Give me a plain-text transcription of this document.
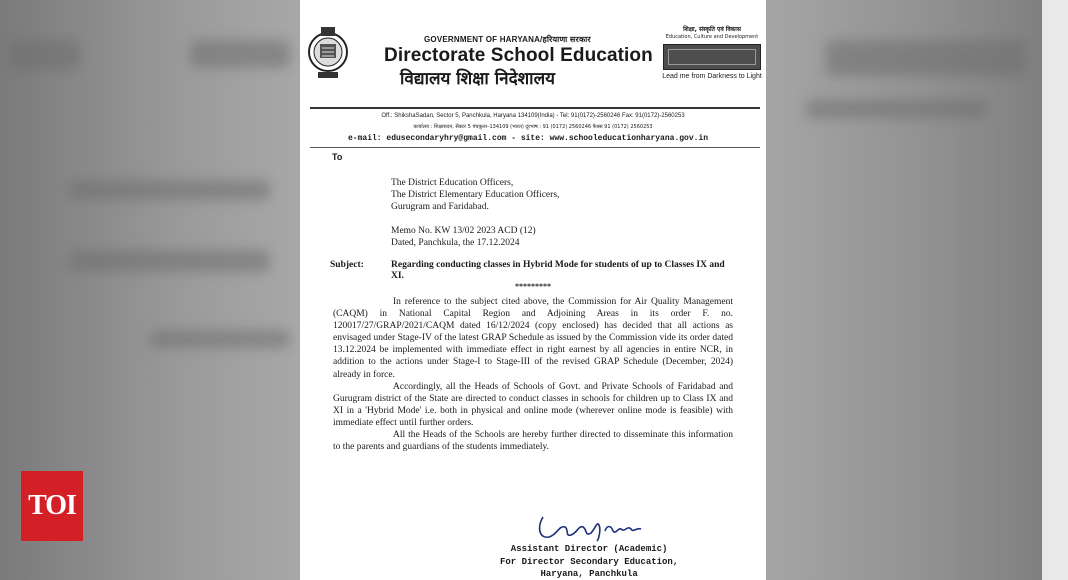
GOVERNMENT OF HARYANA/हरियाणा सरकार
Directorate School Education
विद्यालय शिक्षा निदेशालय
शिक्षा, संस्कृति एवं विकास
Education, Culture and Development
Lead me from Darkness to Light
Off.: ShikshaSadan, Sector 5, Panchkula, Haryana 134109(India) - Tel: 91(0172)-2560246 Fax: 91(0172)-2560253
कार्यालय : शिक्षासदन, सैक्टर 5 पंचकूला–134109 (भारत) दूरभाष : 91 (0172) 2560246 फैक्स 91 (0172) 2560253
e-mail: edusecondaryhry@gmail.com - site: www.schooleducationharyana.gov.in
To
The District Education Officers,
The District Elementary Education Officers,
Gurugram and Faridabad.
Memo No. KW 13/02 2023 ACD (12)
Dated, Panchkula, the 17.12.2024
Subject:	Regarding conducting classes in Hybrid Mode for students of up to Classes IX and XI.
*********

In reference to the subject cited above, the Commission for Air Quality Management (CAQM) in National Capital Region and Adjoining Areas in its order F. no. 120017/27/GRAP/2021/CAQM dated 16/12/2024 (copy enclosed) has decided that all actions as envisaged under Stage-IV of the latest GRAP Schedule as issued by the Commission vide its order dated 13.12.2024 be implemented with immediate effect in right earnest by all agencies in entire NCR, in addition to the actions under Stage-I to Stage-III of the revised GRAP Schedule (December, 2024) already in force.

Accordingly, all the Heads of Schools of Govt. and Private Schools of Faridabad and Gurugram district of the State are directed to conduct classes in schools for children up to Class IX and XI in a 'Hybrid Mode' i.e. both in physical and online mode (wherever online mode is feasible) with immediate effect until further orders.

All the Heads of the Schools are hereby further directed to disseminate this information to the parents and guardians of the students immediately.

Assistant Director (Academic)
For Director Secondary Education,
Haryana, Panchkula
TOI
